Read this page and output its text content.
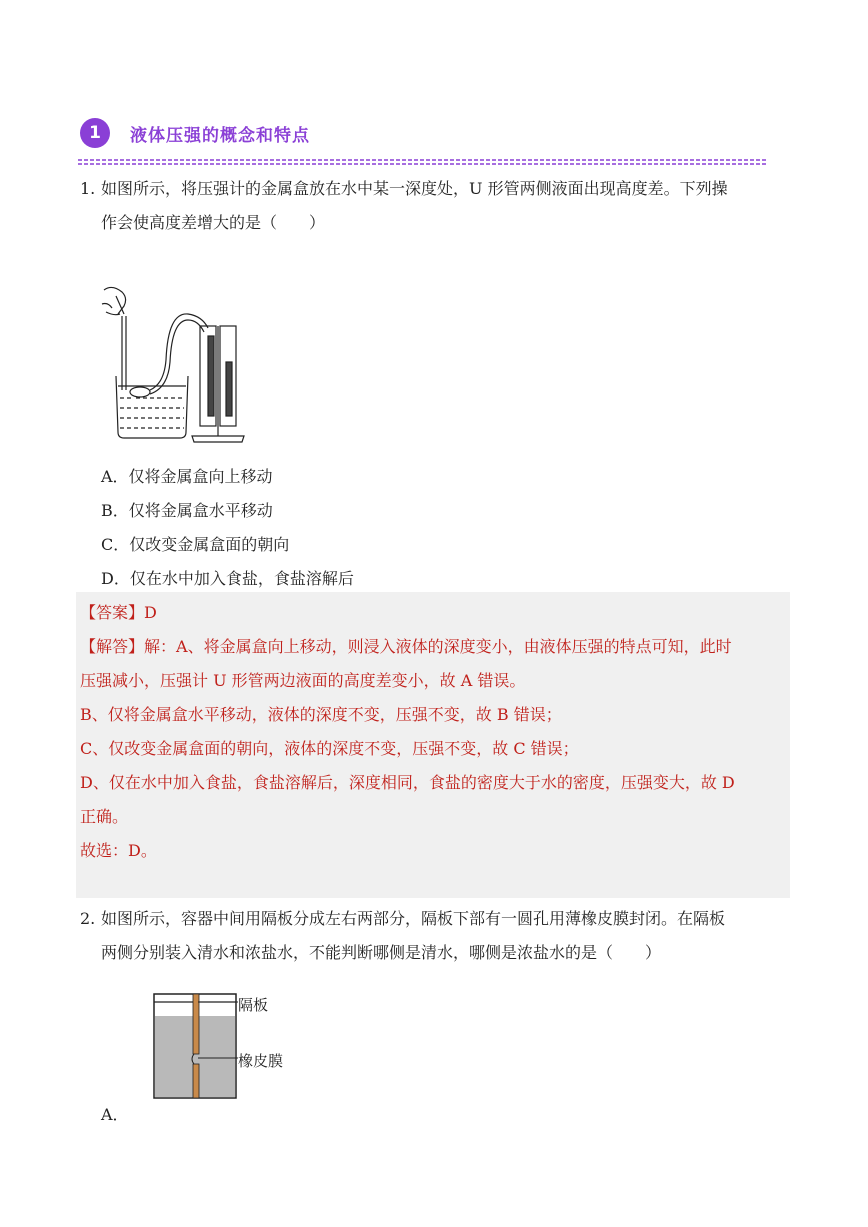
1	液体压强的概念和特点
1. 如图所示，将压强计的金属盒放在水中某一深度处，U 形管两侧液面出现高度差。下列操
作会使高度差增大的是（　　）
A．仅将金属盒向上移动
B．仅将金属盒水平移动
C．仅改变金属盒面的朝向
D．仅在水中加入食盐，食盐溶解后
【答案】D
【解答】解：A、将金属盒向上移动，则浸入液体的深度变小，由液体压强的特点可知，此时
压强减小，压强计 U 形管两边液面的高度差变小，故 A 错误。
B、仅将金属盒水平移动，液体的深度不变，压强不变，故 B 错误；
C、仅改变金属盒面的朝向，液体的深度不变，压强不变，故 C 错误；
D、仅在水中加入食盐，食盐溶解后，深度相同，食盐的密度大于水的密度，压强变大，故 D
正确。
故选：D。
2. 如图所示，容器中间用隔板分成左右两部分，隔板下部有一圆孔用薄橡皮膜封闭。在隔板
两侧分别装入清水和浓盐水，不能判断哪侧是清水，哪侧是浓盐水的是（　　）
隔板
橡皮膜
A．
